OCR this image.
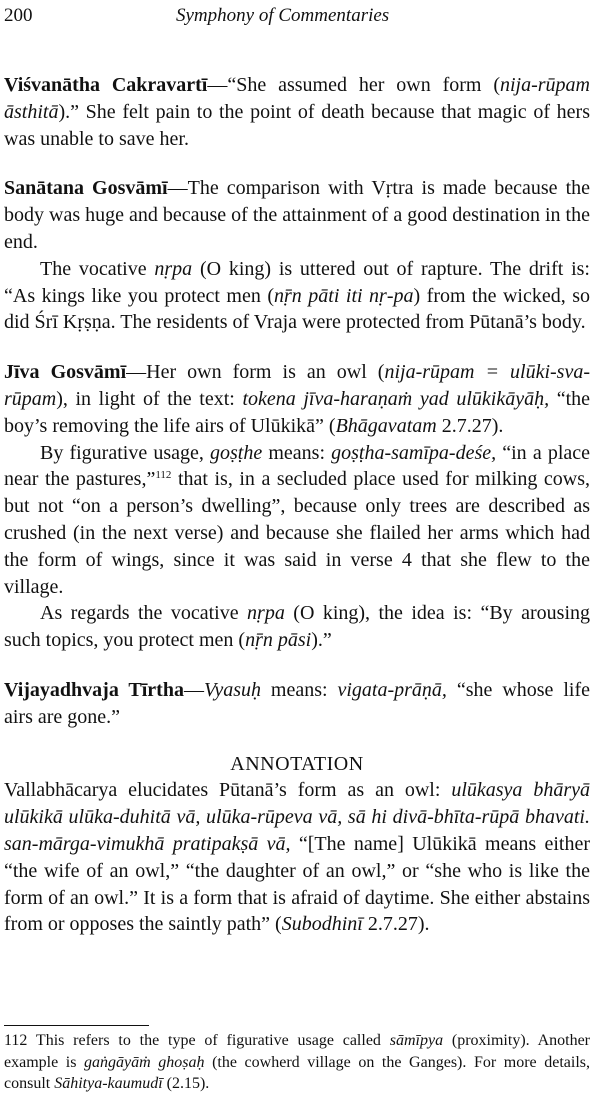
200	Symphony of Commentaries

Viśvanātha Cakravartī—“She assumed her own form (nija-rūpam āsthitā).” She felt pain to the point of death because that magic of hers was unable to save her.

Sanātana Gosvāmī—The comparison with Vṛtra is made because the body was huge and because of the attainment of a good destination in the end.

The vocative nṛpa (O king) is uttered out of rapture. The drift is: “As kings like you protect men (nṝn pāti iti nṛ-pa) from the wicked, so did Śrī Kṛṣṇa. The residents of Vraja were protected from Pūtanā’s body.

Jīva Gosvāmī—Her own form is an owl (nija-rūpam = ulūki-sva-rūpam), in light of the text: tokena jīva-haraṇaṁ yad ulūkikāyāḥ, “the boy’s removing the life airs of Ulūkikā” (Bhāgavatam 2.7.27).

By figurative usage, goṣṭhe means: goṣṭha-samīpa-deśe, “in a place near the pastures,”$^{112}$ that is, in a secluded place used for milking cows, but not “on a person’s dwelling”, because only trees are described as crushed (in the next verse) and because she flailed her arms which had the form of wings, since it was said in verse 4 that she flew to the village.

As regards the vocative nṛpa (O king), the idea is: “By arousing such topics, you protect men (nṝn pāsi).”

Vijayadhvaja Tīrtha—Vyasuḥ means: vigata-prāṇā, “she whose life airs are gone.”

ANNOTATION

Vallabhācarya elucidates Pūtanā’s form as an owl: ulūkasya bhāryā ulūkikā ulūka-duhitā vā, ulūka-rūpeva vā, sā hi divā-bhīta-rūpā bhavati. san-mārga-vimukhā pratipakṣā vā, “[The name] Ulūkikā means either “the wife of an owl,” “the daughter of an owl,” or “she who is like the form of an owl.” It is a form that is afraid of daytime. She either abstains from or opposes the saintly path” (Subodhinī 2.7.27).

112 This refers to the type of figurative usage called sāmīpya (proximity). Another example is gaṅgāyāṁ ghoṣaḥ (the cowherd village on the Ganges). For more details, consult Sāhitya-kaumudī (2.15).
